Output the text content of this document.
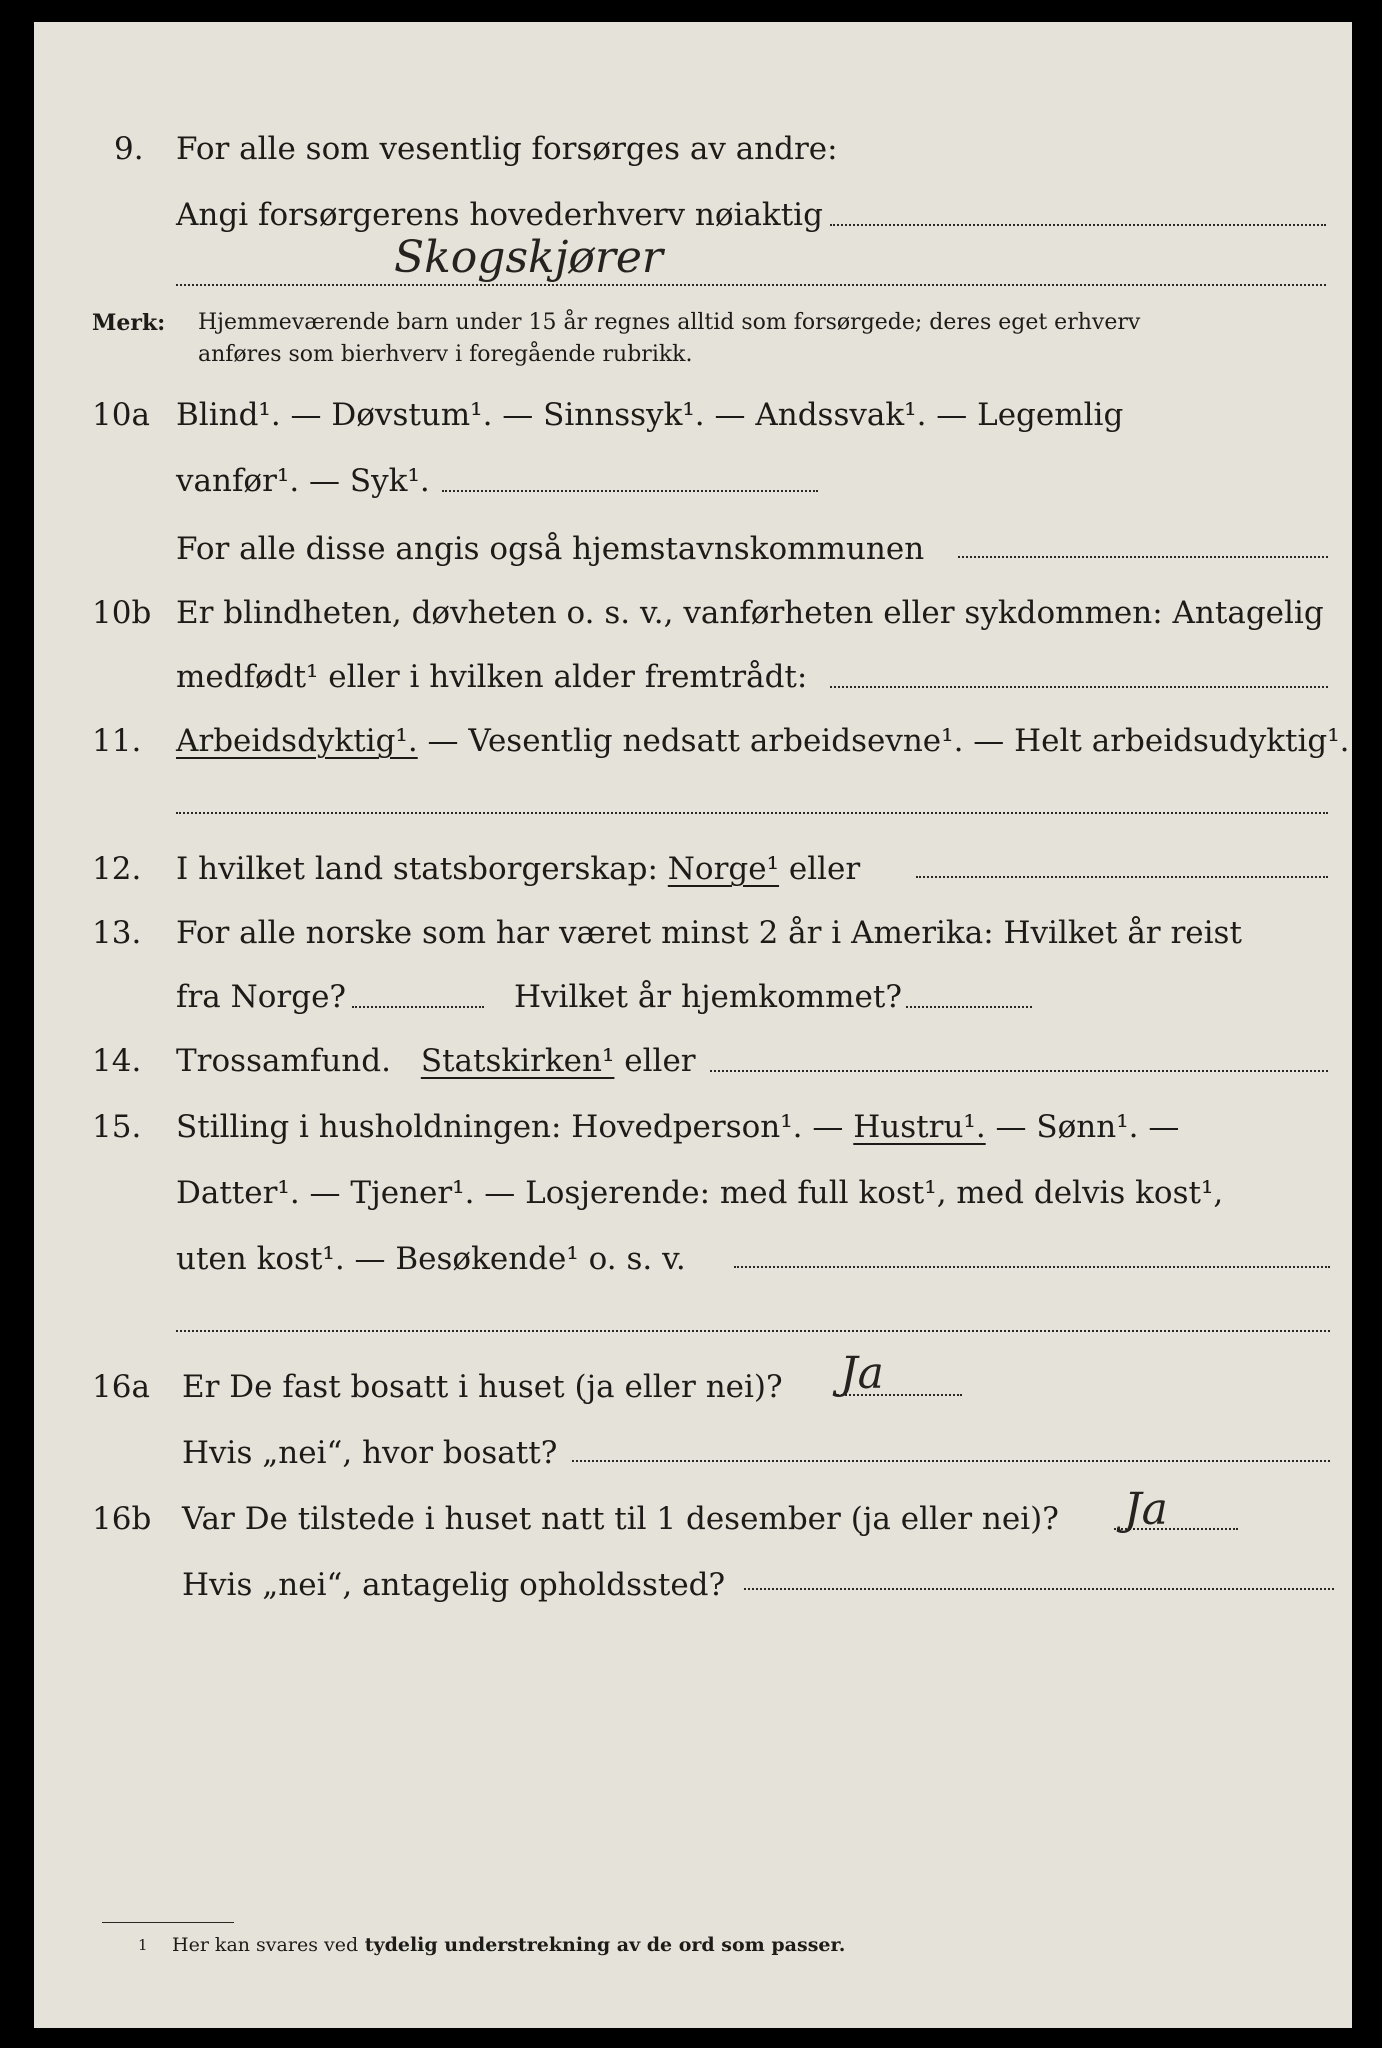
9. For alle som vesentlig forsørges av andre:
Angi forsørgerens hovederhverv nøiaktig
Skogskjører
Merk: Hjemmeværende barn under 15 år regnes alltid som forsørgede; deres eget erhverv
anføres som bierhverv i foregående rubrikk.
10a Blind¹. — Døvstum¹. — Sinnssyk¹. — Andssvak¹. — Legemlig
vanfør¹. — Syk¹.
For alle disse angis også hjemstavnskommunen
10b Er blindheten, døvheten o. s. v., vanførheten eller sykdommen: Antagelig
medfødt¹ eller i hvilken alder fremtrådt:
11. Arbeidsdyktig¹. — Vesentlig nedsatt arbeidsevne¹. — Helt arbeidsudyktig¹.
12. I hvilket land statsborgerskap: Norge¹ eller
13. For alle norske som har været minst 2 år i Amerika: Hvilket år reist
fra Norge?	Hvilket år hjemkommet?
14. Trossamfund. Statskirken¹ eller
15. Stilling i husholdningen: Hovedperson¹. — Hustru¹. — Sønn¹. —
Datter¹. — Tjener¹. — Losjerende: med full kost¹, med delvis kost¹,
uten kost¹. — Besøkende¹ o. s. v.
16a Er De fast bosatt i huset (ja eller nei)? Ja
Hvis „nei“, hvor bosatt?
16b Var De tilstede i huset natt til 1 desember (ja eller nei)? Ja
Hvis „nei“, antagelig opholdssted?
1 Her kan svares ved tydelig understrekning av de ord som passer.
